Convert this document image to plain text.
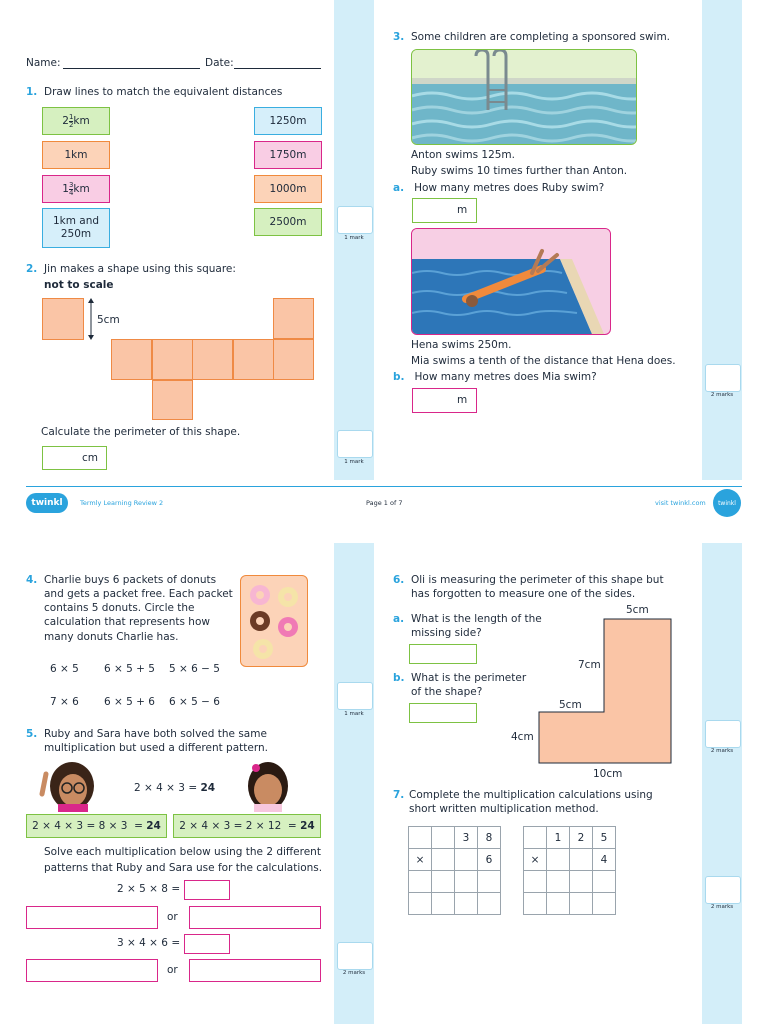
1 mark
1 mark
2 marks
1 mark
2 marks
2 marks
2 marks
Name:	Date:
1. Draw lines to match the equivalent distances
$2 \frac{1}{2}$ km
1km
$1 \frac{3}{4}$ km
1km and
250m
1250m
1750m
1000m
2500m
2. Jin makes a shape using this square:
not to scale
5cm
Calculate the perimeter of this shape.
cm
3. Some children are completing a sponsored swim.
Anton swims 125m.
Ruby swims 10 times further than Anton.
a. How many metres does Ruby swim?
m
Hena swims 250m.
Mia swims a tenth of the distance that Hena does.
b. How many metres does Mia swim?
m
twinkl	Termly Learning Review 2	Page 1 of 7	visit twinkl.com twinkl
4. Charlie buys 6 packets of donuts
and gets a packet free. Each packet
contains 5 donuts. Circle the
calculation that represents how
many donuts Charlie has.
6 × 5 6 × 5 + 5 5 × 6 − 5
7 × 6 6 × 5 + 6 6 × 5 − 6
5. Ruby and Sara have both solved the same
multiplication but used a different pattern.
2 × 4 × 3 = 24
2 × 4 × 3 = 8 × 3  = 24 2 × 4 × 3 = 2 × 12  = 24
Solve each multiplication below using the 2 different
patterns that Ruby and Sara use for the calculations.
2 × 5 × 8 =
or
3 × 4 × 6 =
or
6. Oli is measuring the perimeter of this shape but
has forgotten to measure one of the sides.
a. What is the length of the
missing side?
b. What is the perimeter
of the shape?
5cm
7cm
5cm
4cm
10cm
7. Complete the multiplication calculations using
short written multiplication method.
		3	8
×			6

	1	2	5
×			4
